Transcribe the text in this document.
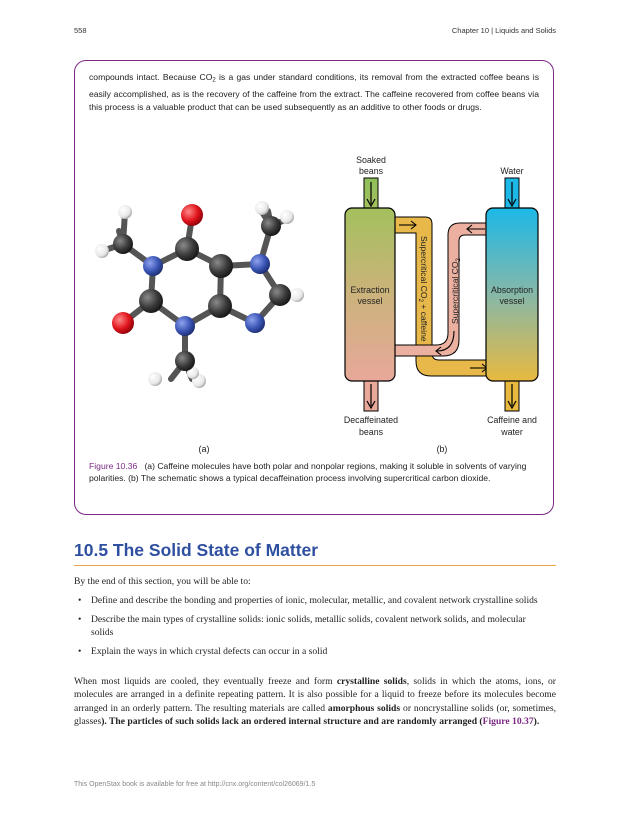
558	Chapter 10 | Liquids and Solids
compounds intact. Because $CO_2$ is a gas under standard conditions, its removal from the extracted coffee beans is easily accomplished, as is the recovery of the caffeine from the extract. The caffeine recovered from coffee beans via this process is a valuable product that can be used subsequently as an additive to other foods or drugs.
(a)
Soaked
beans	Water
Extraction
vessel
Absorption
vessel
Decaffeinated
beans
Caffeine and
water
(b)
Supercritical $CO_2$ + caffeine Supercritical $CO_2$
Figure 10.36 (a) Caffeine molecules have both polar and nonpolar regions, making it soluble in solvents of varying polarities. (b) The schematic shows a typical decaffeination process involving supercritical carbon dioxide.
10.5 The Solid State of Matter
By the end of this section, you will be able to:
• Define and describe the bonding and properties of ionic, molecular, metallic, and covalent network crystalline solids
• Describe the main types of crystalline solids: ionic solids, metallic solids, covalent network solids, and molecular solids
• Explain the ways in which crystal defects can occur in a solid
When most liquids are cooled, they eventually freeze and form crystalline solids, solids in which the atoms, ions, or molecules are arranged in a definite repeating pattern. It is also possible for a liquid to freeze before its molecules become arranged in an orderly pattern. The resulting materials are called amorphous solids or noncrystalline solids (or, sometimes, glasses). The particles of such solids lack an ordered internal structure and are randomly arranged (Figure 10.37).
This OpenStax book is available for free at http://cnx.org/content/col26069/1.5
